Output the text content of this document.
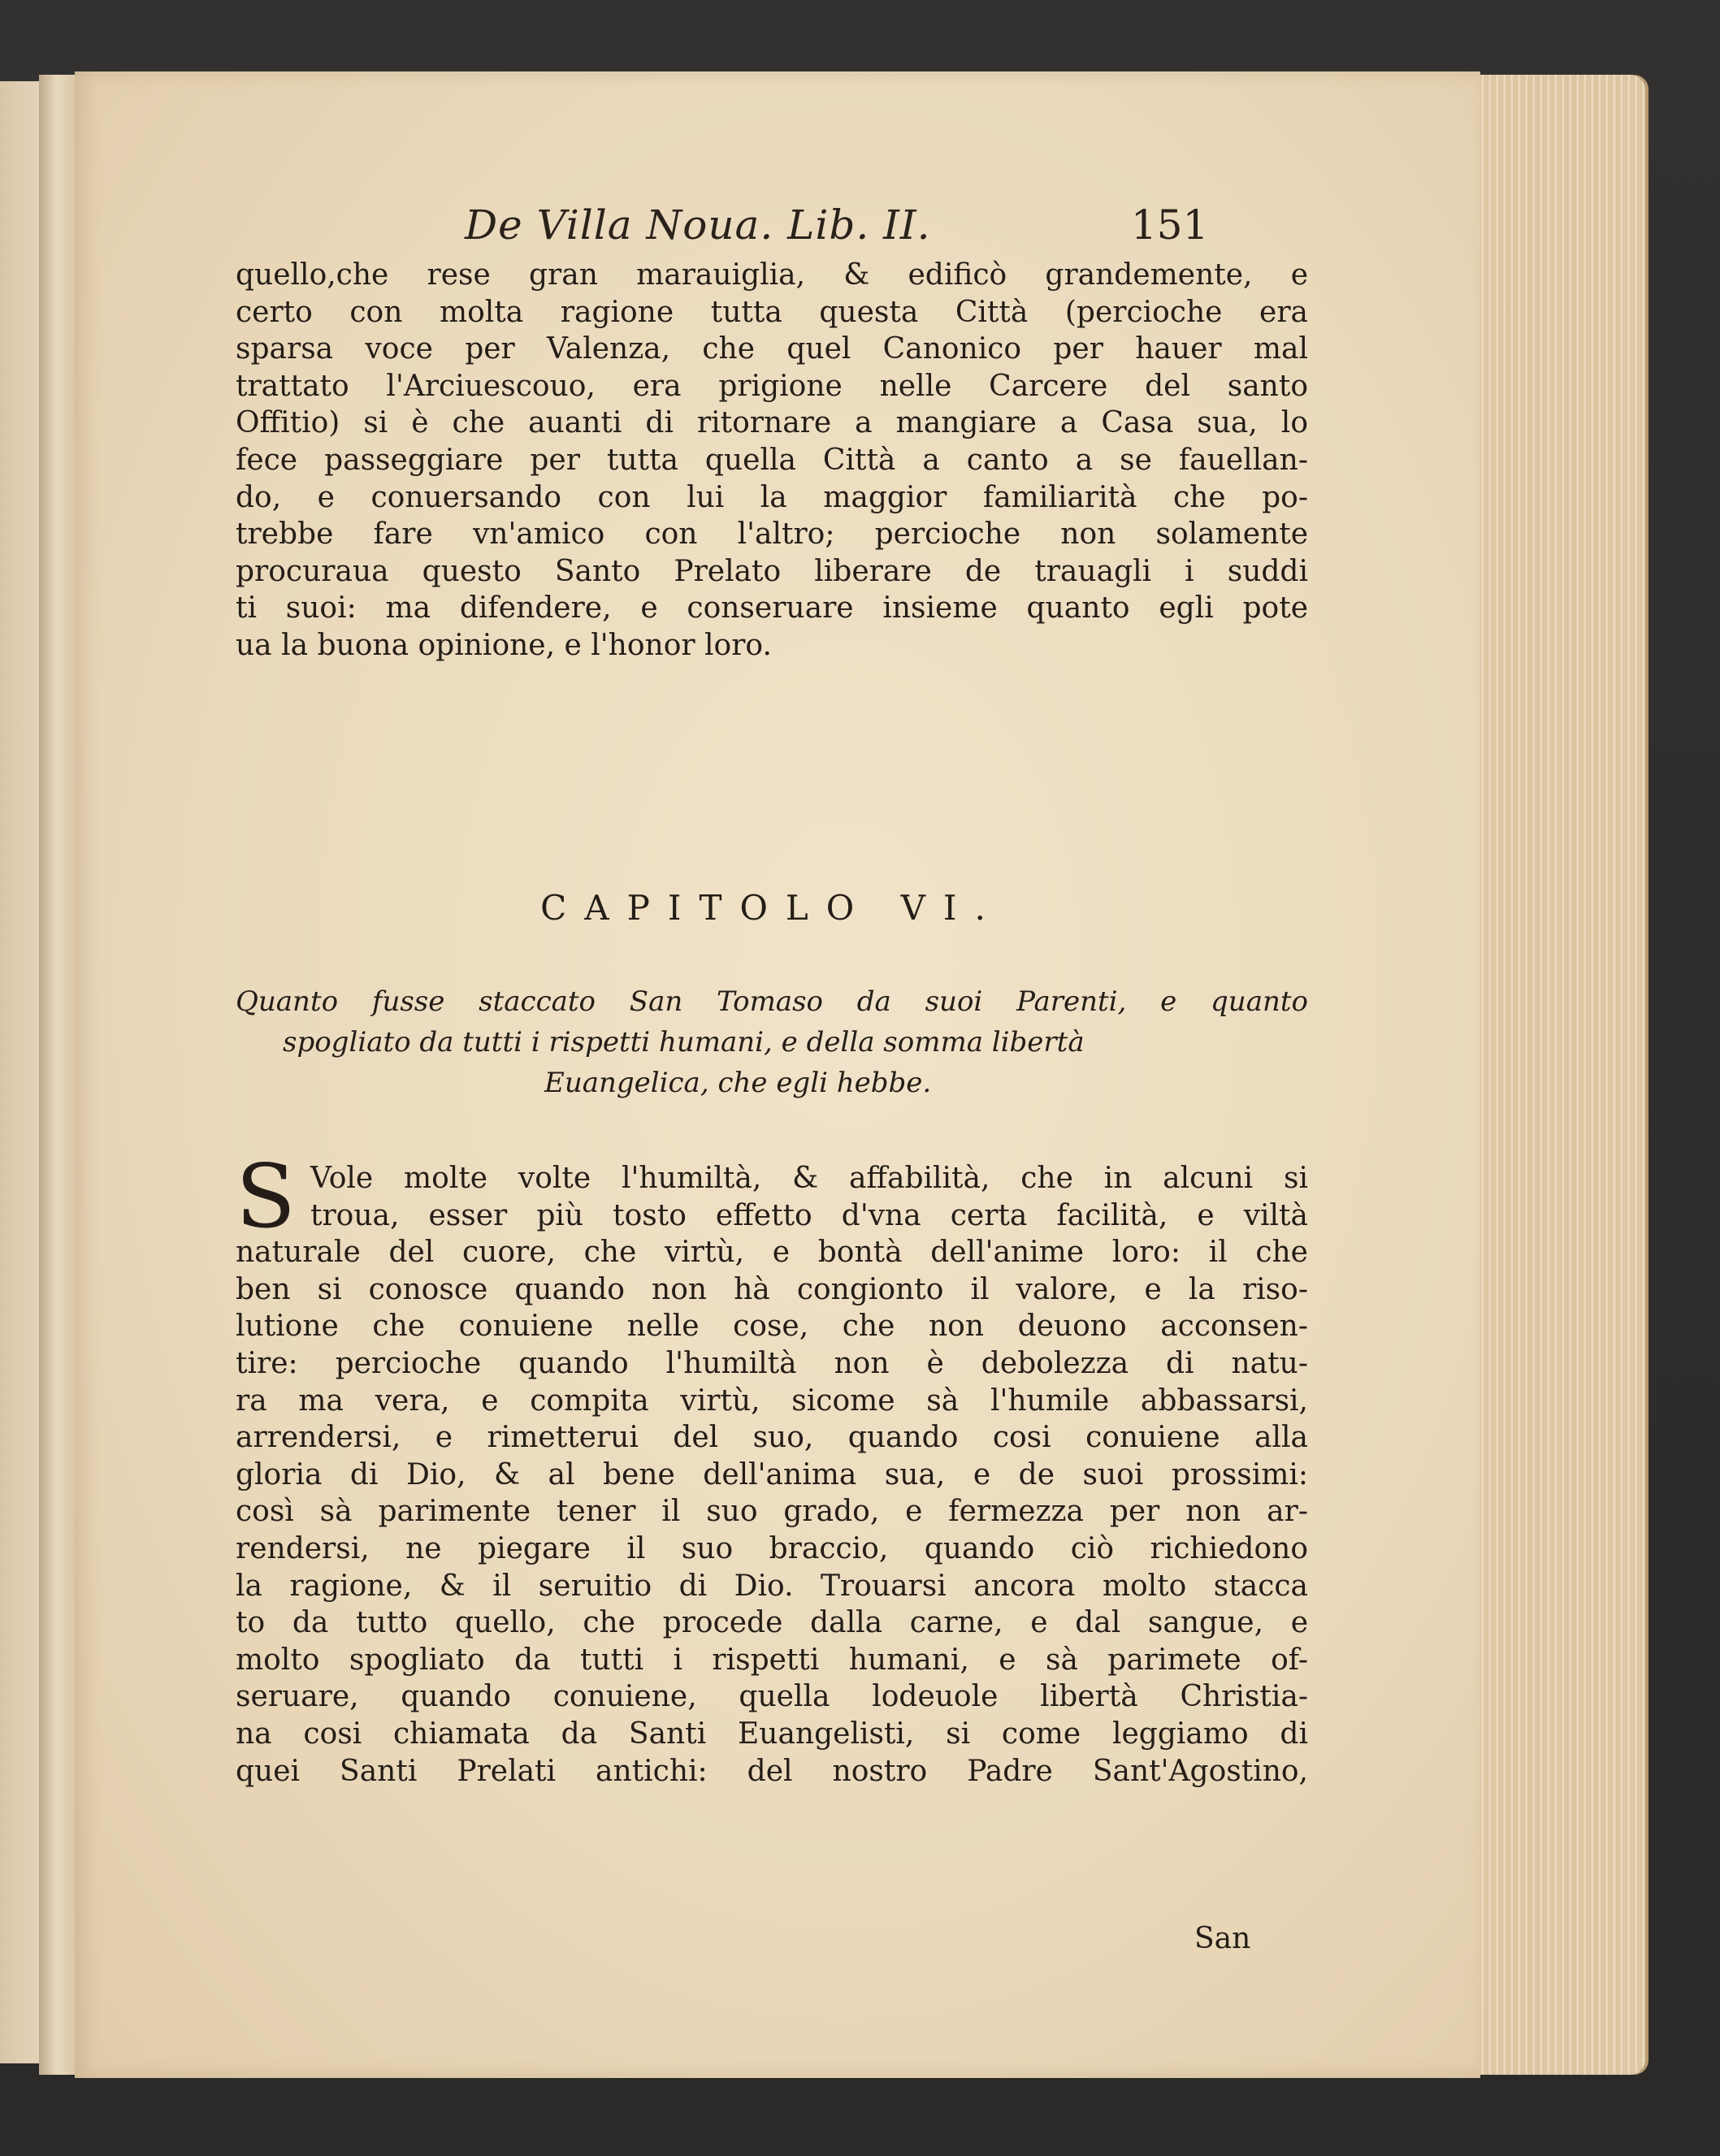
De Villa Noua. Lib. II.	151
quello,che rese gran marauiglia, & edificò grandemente, e
certo con molta ragione tutta questa Città (percioche era
sparsa voce per Valenza, che quel Canonico per hauer mal
trattato l'Arciuescouo, era prigione nelle Carcere del santo
Offitio) si è che auanti di ritornare a mangiare a Casa sua, lo
fece passeggiare per tutta quella Città a canto a se fauellan-
do, e conuersando con lui la maggior familiarità che po-
trebbe fare vn'amico con l'altro; percioche non solamente
procuraua questo Santo Prelato liberare de trauagli i suddi
ti suoi: ma difendere, e conseruare insieme quanto egli pote
ua la buona opinione, e l'honor loro.
CAPITOLO VI.
Quanto fusse staccato San Tomaso da suoi Parenti, e quanto
spogliato da tutti i rispetti humani, e della somma libertà
Euangelica, che egli hebbe.
S Vole molte volte l'humiltà, & affabilità, che in alcuni si
troua, esser più tosto effetto d'vna certa facilità, e viltà
naturale del cuore, che virtù, e bontà dell'anime loro: il che
ben si conosce quando non hà congionto il valore, e la riso-
lutione che conuiene nelle cose, che non deuono acconsen-
tire: percioche quando l'humiltà non è debolezza di natu-
ra ma vera, e compita virtù, sicome sà l'humile abbassarsi,
arrendersi, e rimetterui del suo, quando cosi conuiene alla
gloria di Dio, & al bene dell'anima sua, e de suoi prossimi:
così sà parimente tener il suo grado, e fermezza per non ar-
rendersi, ne piegare il suo braccio, quando ciò richiedono
la ragione, & il seruitio di Dio. Trouarsi ancora molto stacca
to da tutto quello, che procede dalla carne, e dal sangue, e
molto spogliato da tutti i rispetti humani, e sà parimete of-
seruare, quando conuiene, quella lodeuole libertà Christia-
na cosi chiamata da Santi Euangelisti, si come leggiamo di
quei Santi Prelati antichi: del nostro Padre Sant'Agostino,
San
